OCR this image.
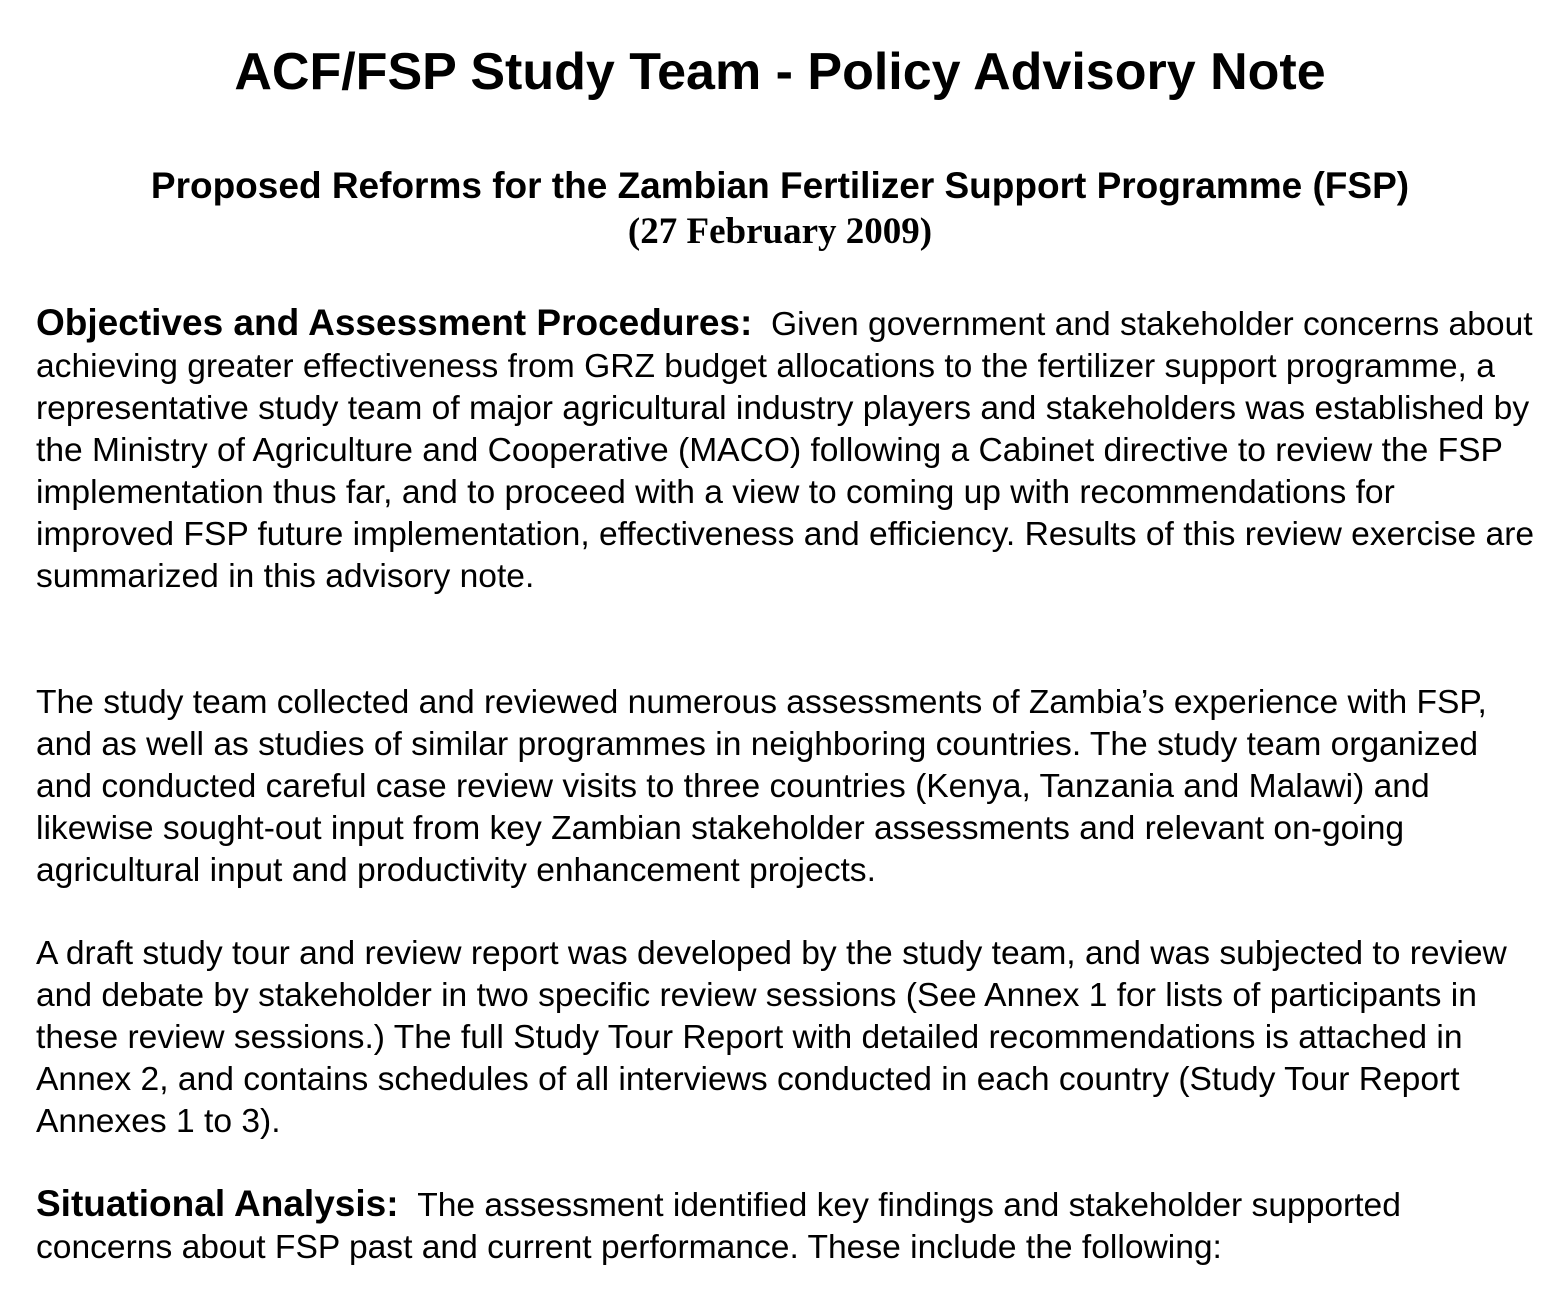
ACF/FSP Study Team - Policy Advisory Note
Proposed Reforms for the Zambian Fertilizer Support Programme (FSP)
(27 February 2009)

Objectives and Assessment Procedures: Given government and stakeholder concerns about achieving greater effectiveness from GRZ budget allocations to the fertilizer support programme, a representative study team of major agricultural industry players and stakeholders was established by the Ministry of Agriculture and Cooperative (MACO) following a Cabinet directive to review the FSP implementation thus far, and to proceed with a view to coming up with recommendations for improved FSP future implementation, effectiveness and efficiency. Results of this review exercise are summarized in this advisory note.

The study team collected and reviewed numerous assessments of Zambia’s experience with FSP, and as well as studies of similar programmes in neighboring countries. The study team organized and conducted careful case review visits to three countries (Kenya, Tanzania and Malawi) and likewise sought-out input from key Zambian stakeholder assessments and relevant on-going agricultural input and productivity enhancement projects.

A draft study tour and review report was developed by the study team, and was subjected to review and debate by stakeholder in two specific review sessions (See Annex 1 for lists of participants in these review sessions.) The full Study Tour Report with detailed recommendations is attached in Annex 2, and contains schedules of all interviews conducted in each country (Study Tour Report Annexes 1 to 3).

Situational Analysis: The assessment identified key findings and stakeholder supported concerns about FSP past and current performance. These include the following:
